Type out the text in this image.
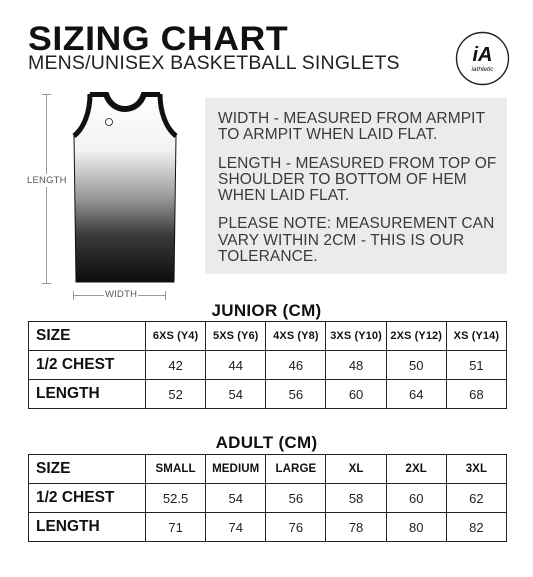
SIZING CHART
MENS/UNISEX BASKETBALL SINGLETS	iA
iathletic
LENGTH
WIDTH

WIDTH - MEASURED FROM ARMPIT TO ARMPIT WHEN LAID FLAT.

LENGTH - MEASURED FROM TOP OF SHOULDER TO BOTTOM OF HEM WHEN LAID FLAT.

PLEASE NOTE: MEASUREMENT CAN VARY WITHIN 2CM - THIS IS OUR TOLERANCE.

JUNIOR (CM)
SIZE	6XS (Y4)	5XS (Y6)	4XS (Y8)	3XS (Y10)	2XS (Y12)	XS (Y14)
1/2 CHEST	42	44	46	48	50	51
LENGTH	52	54	56	60	64	68
ADULT (CM)
SIZE	SMALL	MEDIUM	LARGE	XL	2XL	3XL
1/2 CHEST	52.5	54	56	58	60	62
LENGTH	71	74	76	78	80	82
